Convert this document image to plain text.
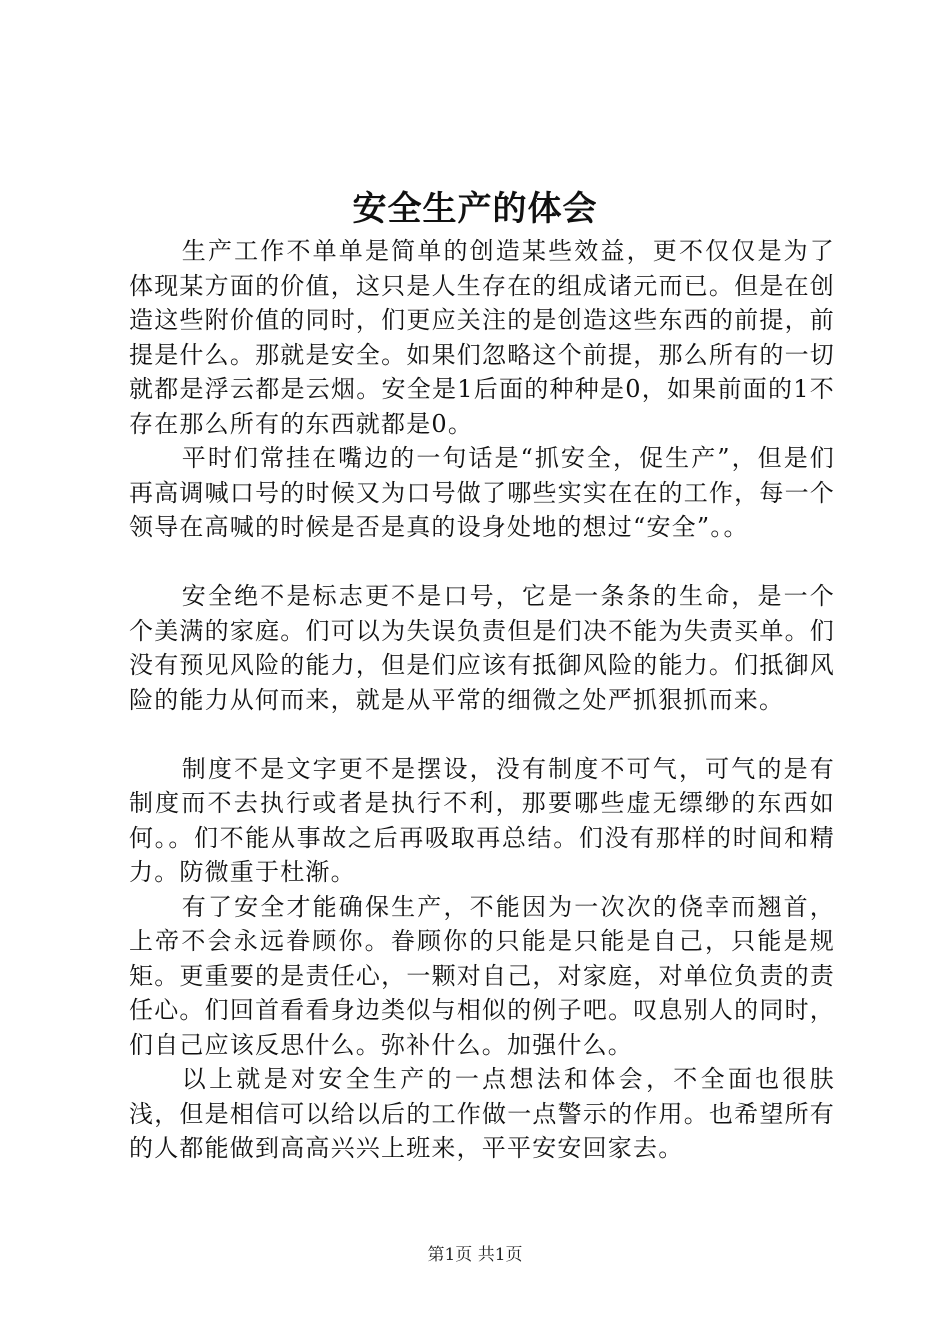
安全生产的体会

生产工作不单单是简单的创造某些效益，更不仅仅是为了体现某方面的价值，这只是人生存在的组成诸元而已。但是在创造这些附价值的同时，们更应关注的是创造这些东西的前提，前提是什么。那就是安全。如果们忽略这个前提，那么所有的一切就都是浮云都是云烟。安全是1后面的种种是0，如果前面的1不存在那么所有的东西就都是0。

平时们常挂在嘴边的一句话是“抓安全，促生产”，但是们再高调喊口号的时候又为口号做了哪些实实在在的工作，每一个领导在高喊的时候是否是真的设身处地的想过“安全”。。

安全绝不是标志更不是口号，它是一条条的生命，是一个个美满的家庭。们可以为失误负责但是们决不能为失责买单。们没有预见风险的能力，但是们应该有抵御风险的能力。们抵御风险的能力从何而来，就是从平常的细微之处严抓狠抓而来。

制度不是文字更不是摆设，没有制度不可气，可气的是有制度而不去执行或者是执行不利，那要哪些虚无缥缈的东西如何。。们不能从事故之后再吸取再总结。们没有那样的时间和精力。防微重于杜渐。

有了安全才能确保生产，不能因为一次次的侥幸而翘首，上帝不会永远眷顾你。眷顾你的只能是只能是自己，只能是规矩。更重要的是责任心，一颗对自己，对家庭，对单位负责的责任心。们回首看看身边类似与相似的例子吧。叹息别人的同时，们自己应该反思什么。弥补什么。加强什么。

以上就是对安全生产的一点想法和体会，不全面也很肤浅，但是相信可以给以后的工作做一点警示的作用。也希望所有的人都能做到高高兴兴上班来，平平安安回家去。

第1页 共1页
